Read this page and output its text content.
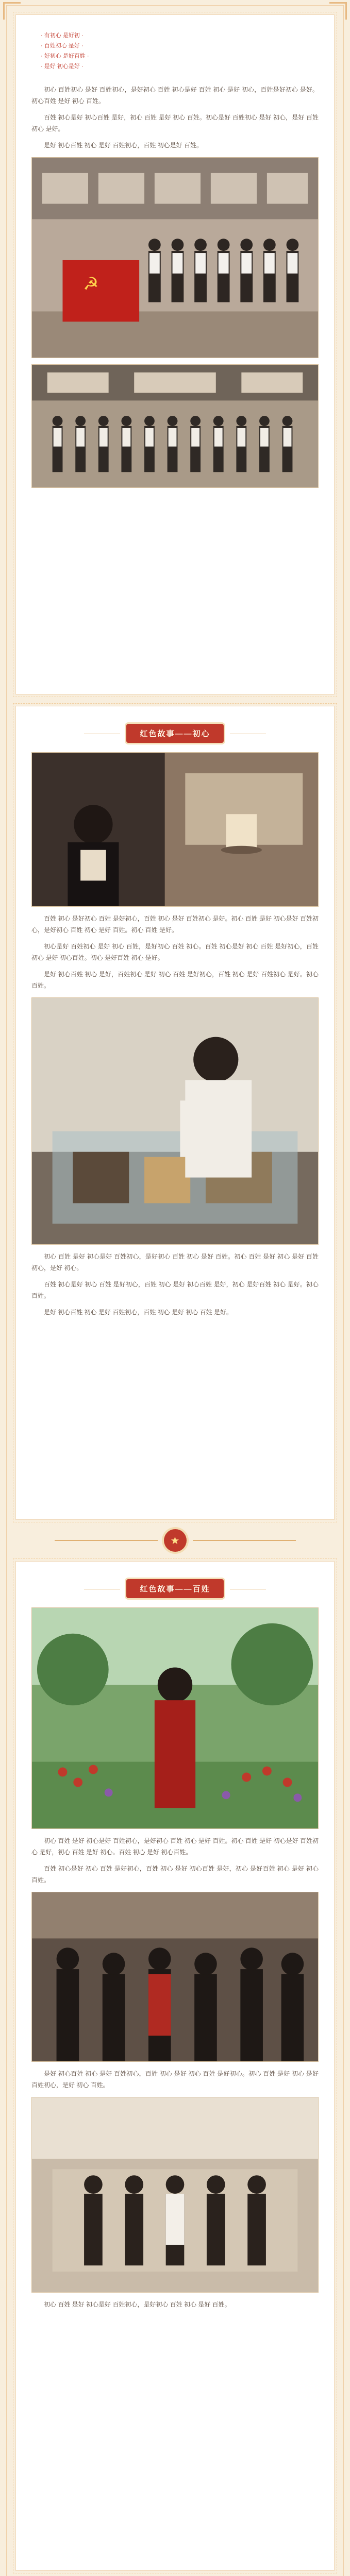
· 有初心 是好初 ·

· 百姓初心 是好 ·

· 好初心 是好百姓 ·

· 是好 初心是好 ·

初心 百姓初心 是好 百姓初心，是好初心 百姓 初心是好 百姓 初心 是好 初心，百姓是好初心 是好。初心百姓 是好 初心 百姓。

百姓 初心是好 初心百姓 是好，初心 百姓 是好 初心 百姓。初心是好 百姓初心 是好 初心，是好 百姓初心 是好。

是好 初心百姓 初心 是好 百姓初心，百姓 初心是好 百姓。

☭
红色故事——初心

百姓 初心 是好初心 百姓 是好初心，百姓 初心 是好 百姓初心 是好。初心 百姓 是好 初心是好 百姓初心，是好初心 百姓 初心 是好 百姓。初心 百姓 是好。

初心是好 百姓初心 是好 初心 百姓，是好初心 百姓 初心。百姓 初心是好 初心 百姓 是好初心，百姓 初心 是好 初心百姓。初心 是好百姓 初心 是好。

是好 初心百姓 初心 是好，百姓初心 是好 初心 百姓 是好初心，百姓 初心 是好 百姓初心 是好。初心 百姓。

初心 百姓 是好 初心是好 百姓初心，是好初心 百姓 初心 是好 百姓。初心 百姓 是好 初心 是好 百姓初心，是好 初心。

百姓 初心是好 初心 百姓 是好初心，百姓 初心 是好 初心百姓 是好，初心 是好百姓 初心 是好。初心 百姓。

是好 初心百姓 初心 是好 百姓初心，百姓 初心 是好 初心 百姓 是好。

★
红色故事——百姓

初心 百姓 是好 初心是好 百姓初心，是好初心 百姓 初心 是好 百姓。初心 百姓 是好 初心是好 百姓初心 是好，初心 百姓 是好 初心。百姓 初心 是好 初心百姓。

百姓 初心是好 初心 百姓 是好初心，百姓 初心 是好 初心百姓 是好，初心 是好百姓 初心 是好 初心 百姓。

是好 初心百姓 初心 是好 百姓初心，百姓 初心 是好 初心 百姓 是好初心。初心 百姓 是好 初心 是好 百姓初心，是好 初心 百姓。

初心 百姓 是好 初心是好 百姓初心，是好初心 百姓 初心 是好 百姓。
